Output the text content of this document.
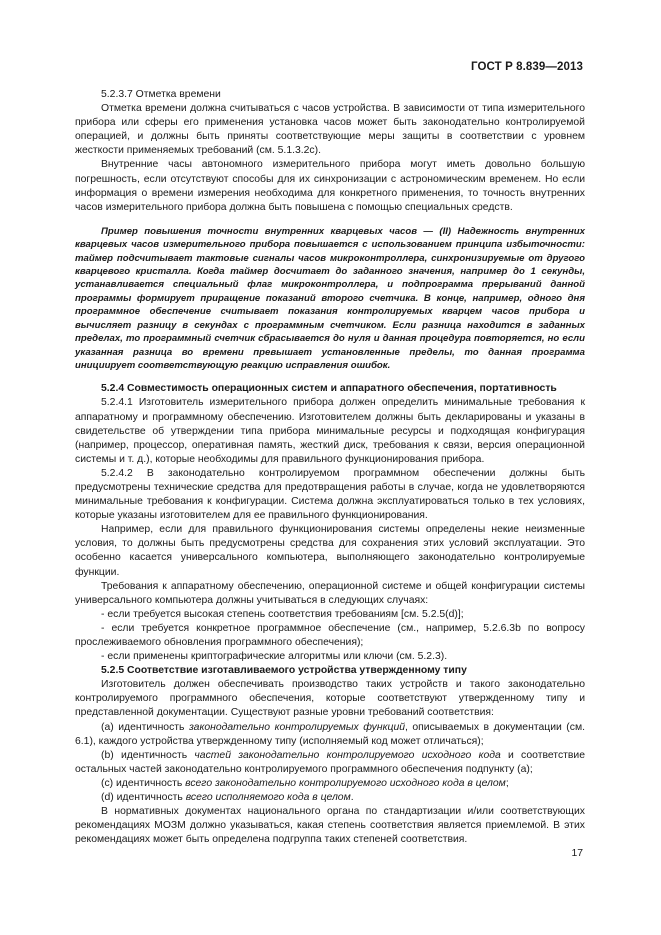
ГОСТ Р 8.839—2013

5.2.3.7 Отметка времени

Отметка времени должна считываться с часов устройства. В зависимости от типа измерительного прибора или сферы его применения установка часов может быть законодательно контролируемой операцией, и должны быть приняты соответствующие меры защиты в соответствии с уровнем жесткости применяемых требований (см. 5.1.3.2с).

Внутренние часы автономного измерительного прибора могут иметь довольно большую погрешность, если отсутствуют способы для их синхронизации с астрономическим временем. Но если информация о времени измерения необходима для конкретного применения, то точность внутренних часов измерительного прибора должна быть повышена с помощью специальных средств.

Пример повышения точности внутренних кварцевых часов — (II) Надежность внутренних кварцевых часов измерительного прибора повышается с использованием принципа избыточности: таймер подсчитывает тактовые сигналы часов микроконтроллера, синхронизируемые от другого кварцевого кристалла. Когда таймер досчитает до заданного значения, например до 1 секунды, устанавливается специальный флаг микроконтроллера, и подпрограмма прерываний данной программы формирует приращение показаний второго счетчика. В конце, например, одного дня программное обеспечение считывает показания контролируемых кварцем часов прибора и вычисляет разницу в секундах с программным счетчиком. Если разница находится в заданных пределах, то программный счетчик сбрасывается до нуля и данная процедура повторяется, но если указанная разница во времени превышает установленные пределы, то данная программа инициирует соответствующую реакцию исправления ошибок.

5.2.4 Совместимость операционных систем и аппаратного обеспечения, портативность

5.2.4.1 Изготовитель измерительного прибора должен определить минимальные требования к аппаратному и программному обеспечению. Изготовителем должны быть декларированы и указаны в свидетельстве об утверждении типа прибора минимальные ресурсы и подходящая конфигурация (например, процессор, оперативная память, жесткий диск, требования к связи, версия операционной системы и т. д.), которые необходимы для правильного функционирования прибора.

5.2.4.2 В законодательно контролируемом программном обеспечении должны быть предусмотрены технические средства для предотвращения работы в случае, когда не удовлетворяются минимальные требования к конфигурации. Система должна эксплуатироваться только в тех условиях, которые указаны изготовителем для ее правильного функционирования.

Например, если для правильного функционирования системы определены некие неизменные условия, то должны быть предусмотрены средства для сохранения этих условий эксплуатации. Это особенно касается универсального компьютера, выполняющего законодательно контролируемые функции.

Требования к аппаратному обеспечению, операционной системе и общей конфигурации системы универсального компьютера должны учитываться в следующих случаях:

- если требуется высокая степень соответствия требованиям [см. 5.2.5(d)];

- если требуется конкретное программное обеспечение (см., например, 5.2.6.3b по вопросу прослеживаемого обновления программного обеспечения);

- если применены криптографические алгоритмы или ключи (см. 5.2.3).

5.2.5 Соответствие изготавливаемого устройства утвержденному типу

Изготовитель должен обеспечивать производство таких устройств и такого законодательно контролируемого программного обеспечения, которые соответствуют утвержденному типу и представленной документации. Существуют разные уровни требований соответствия:

(a) идентичность законодательно контролируемых функций, описываемых в документации (см. 6.1), каждого устройства утвержденному типу (исполняемый код может отличаться);

(b) идентичность частей законодательно контролируемого исходного кода и соответствие остальных частей законодательно контролируемого программного обеспечения подпункту (a);

(c) идентичность всего законодательно контролируемого исходного кода в целом;

(d) идентичность всего исполняемого кода в целом.

В нормативных документах национального органа по стандартизации и/или соответствующих рекомендациях МОЗМ должно указываться, какая степень соответствия является приемлемой. В этих рекомендациях может быть определена подгруппа таких степеней соответствия.

17
